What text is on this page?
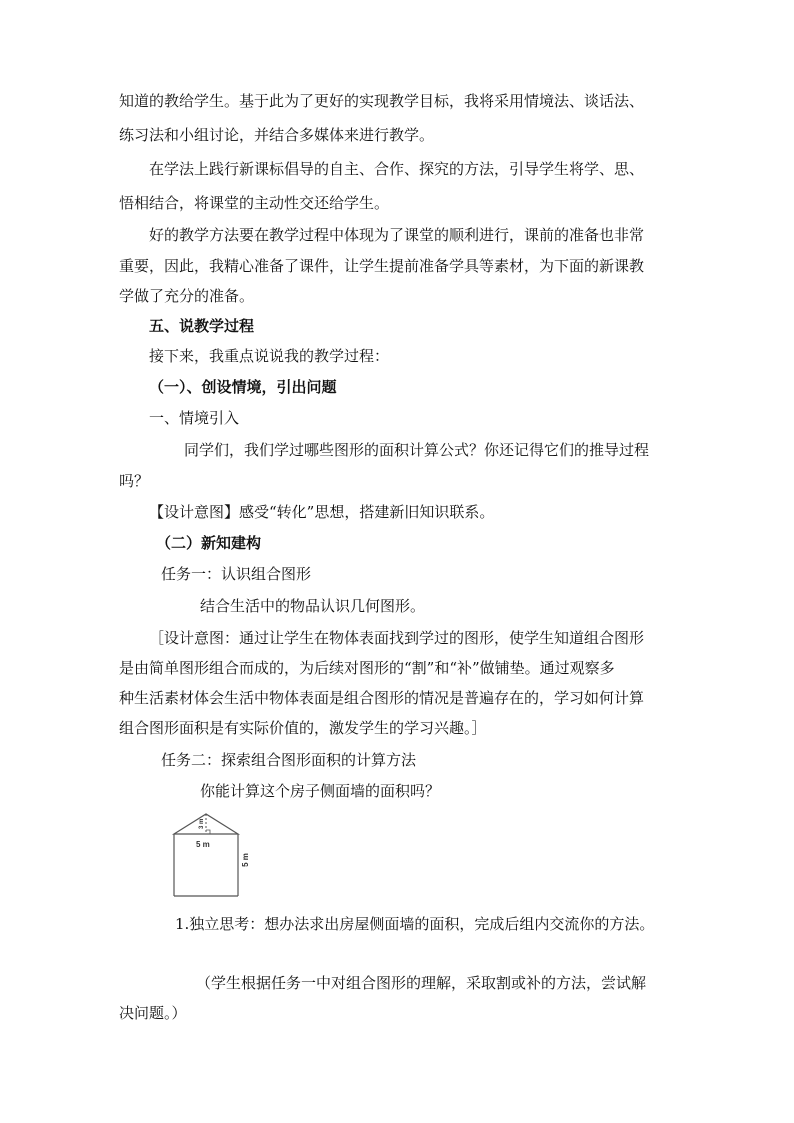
知道的教给学生。基于此为了更好的实现教学目标，我将采用情境法、谈话法、
练习法和小组讨论，并结合多媒体来进行教学。
在学法上践行新课标倡导的自主、合作、探究的方法，引导学生将学、思、
悟相结合，将课堂的主动性交还给学生。
好的教学方法要在教学过程中体现为了课堂的顺利进行，课前的准备也非常
重要，因此，我精心准备了课件，让学生提前准备学具等素材，为下面的新课教
学做了充分的准备。
五、说教学过程
接下来，我重点说说我的教学过程：
（一）、创设情境，引出问题
一、情境引入
同学们，我们学过哪些图形的面积计算公式？你还记得它们的推导过程
吗？
【设计意图】感受“转化”思想，搭建新旧知识联系。
（二）新知建构
任务一：认识组合图形
结合生活中的物品认识几何图形。
［设计意图：通过让学生在物体表面找到学过的图形，使学生知道组合图形
是由简单图形组合而成的，为后续对图形的“割”和“补”做铺垫。通过观察多
种生活素材体会生活中物体表面是组合图形的情况是普遍存在的，学习如何计算
组合图形面积是有实际价值的，激发学生的学习兴趣。］
任务二：探索组合图形面积的计算方法
你能计算这个房子侧面墙的面积吗？
1.独立思考：想办法求出房屋侧面墙的面积，完成后组内交流你的方法。
（学生根据任务一中对组合图形的理解，采取割或补的方法，尝试解
决问题。）
3 m
5 m
5 m
